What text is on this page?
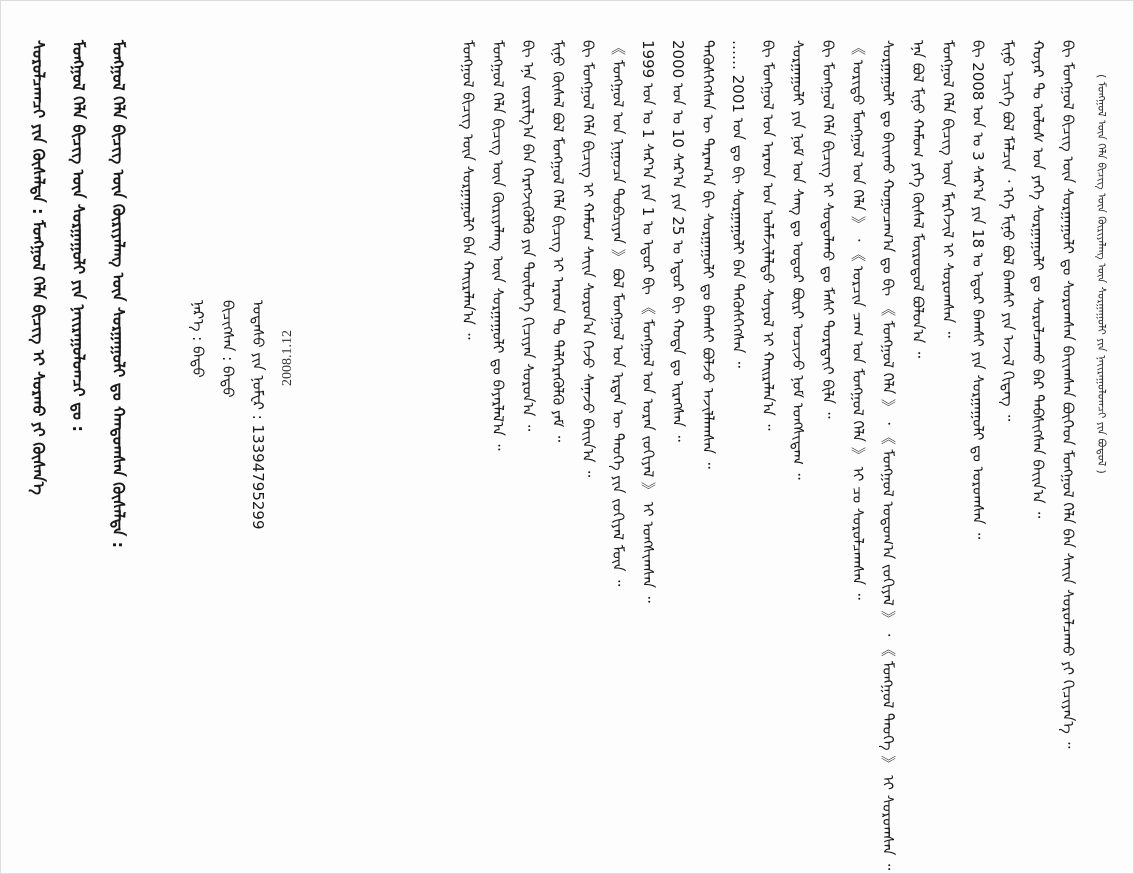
( ᠮᠣᠩᠭᠣᠯ ᠦᠨ ᠬᠡᠯᠡ ᠪᠢᠴᠢᠭ ᠦᠨ ᠬᠦᠷᠢᠶᠡᠯᠡᠩ ᠦᠨ ᠰᠤᠷᠭᠠᠭᠤᠯᠢ ᠶᠢᠨ ᠨᠠᠶ᠋ᠢᠷᠠᠭᠤᠯᠤᠭᠴᠢ ᠶᠢᠨ ᠪᠣᠳᠤᠯ )
ᠪᠢ ᠮᠣᠩᠭᠣᠯ ᠪᠢᠴᠢᠭ ᠦᠨ ᠰᠤᠷᠭᠠᠭᠤᠯᠢ ᠳᠤ ᠰᠤᠷᠤᠭᠰᠠᠨ ᠪᠠᠶ᠋ᠢᠭᠰᠠᠨ ᠪᠦᠭᠡᠳ ᠮᠣᠩᠭᠣᠯ ᠬᠡᠯᠡ ᠪᠡᠨ ᠰᠠᠶ᠋ᠢᠨ ᠰᠤᠷᠤᠯᠴᠠᠬᠤ ᠶᠢ ᠬᠢᠴᠢᠶᠡᠨ᠎ᠡ ᠃
ᠬᠣᠶᠠᠷ ᠲᠤ ᠤᠯᠤᠰ ᠤᠨ ᠶᠡᠬᠡ ᠰᠤᠷᠭᠠᠭᠤᠯᠢ ᠳᠤ ᠰᠤᠷᠤᠯᠴᠠᠬᠤ ᠪᠠᠷ ᠳᠡᠪᠰᠢᠭᠰᠡᠨ ᠪᠠᠶ᠋ᠢᠨ᠎ᠠ ᠃
ᠮᠢᠨᠤ ᠡᠴᠢᠭᠡ ᠪᠣᠯ ᠮᠠᠯᠴᠢᠨ ᠂ ᠡᠬᠡ ᠮᠢᠨᠤ ᠪᠣᠯ ᠪᠠᠭᠰᠢ ᠶᠢᠨ ᠠᠵᠢᠯ ᠬᠢᠳᠡᠭ ᠃
ᠪᠢ 2008 ᠣᠨ ᠤ 3 ᠰᠠᠷ᠎ᠠ ᠶᠢᠨ 18 ᠤ ᠡᠳᠦᠷ ᠪᠠᠭᠰᠢ ᠶᠢᠨ ᠰᠤᠷᠭᠠᠭᠤᠯᠢ ᠳᠤ ᠣᠷᠣᠭᠰᠠᠨ ᠃
ᠮᠣᠩᠭᠣᠯ ᠬᠡᠯᠡ ᠪᠢᠴᠢᠭ ᠦᠨ ᠮᠡᠷᠭᠡᠵᠢᠯ ᠢ ᠰᠤᠷᠤᠭᠰᠠᠨ ᠃
ᠡᠨᠡ ᠪᠣᠯ ᠮᠢᠨᠤ ᠬᠠᠮᠤᠭ ᠶᠡᠬᠡ ᠬᠦᠰᠡᠯ ᠮᠥᠷᠥᠳᠦᠯ ᠪᠣᠯᠤᠨ᠎ᠠ ᠃
ᠰᠤᠷᠭᠠᠭᠤᠯᠢ ᠳᠤ ᠪᠠᠶ᠋ᠢᠬᠤ ᠬᠤᠭᠤᠴᠠᠭ᠎ᠠ ᠳᠤ ᠪᠢ 《 ᠮᠣᠩᠭᠣᠯ ᠬᠡᠯᠡ 》 ᠂ 《 ᠮᠣᠩᠭᠣᠯ ᠤᠲᠤᠭ᠎ᠠ ᠵᠣᠬᠢᠶᠠᠯ 》 ᠂ 《 ᠮᠣᠩᠭᠣᠯ ᠲᠡᠦᠬᠡ 》 ᠢ ᠰᠤᠷᠤᠭᠰᠠᠨ ᠃
《 ᠤᠷᠢᠳᠤ ᠮᠣᠩᠭᠣᠯ ᠤᠨ ᠬᠡᠯᠡ 》 ᠂ 《 ᠣᠷᠴᠢᠨ ᠴᠠᠭ ᠤᠨ ᠮᠣᠩᠭᠣᠯ ᠬᠡᠯᠡ 》 ᠢ ᠴᠤ ᠰᠤᠷᠤᠯᠴᠠᠭᠰᠠᠨ ᠃
ᠪᠢ ᠮᠣᠩᠭᠣᠯ ᠬᠡᠯᠡ ᠪᠢᠴᠢᠭ ᠢ ᠰᠤᠳᠤᠯᠬᠤ ᠳᠤ ᠮᠠᠰᠢ ᠳᠤᠷᠠᠲᠠᠶ᠋ᠢ ᠪᠢᠯᠡ ᠃
ᠰᠤᠷᠭᠠᠭᠤᠯᠢ ᠶᠢᠨ ᠨᠣᠮ ᠤᠨ ᠰᠠᠩ ᠳᠤ ᠣᠳᠣᠷ ᠪᠦᠷᠢ ᠣᠴᠢᠵᠤ ᠨᠣᠮ ᠤᠩᠰᠢᠳᠠᠭ ᠃
ᠪᠢ ᠮᠣᠩᠭᠣᠯ ᠤᠨ ᠠᠷᠠᠳ ᠤᠨ ᠤᠯᠠᠮᠵᠢᠯᠠᠯᠲᠤ ᠰᠣᠶᠣᠯ ᠢ ᠬᠠᠢᠷᠠᠯᠠᠨ᠎ᠠ ᠃
…… 2001 ᠣᠨ ᠳᠤ ᠪᠢ ᠰᠤᠷᠭᠠᠭᠤᠯᠢ ᠪᠠᠨ ᠲᠡᠭᠦᠰᠬᠡᠭᠰᠡᠨ ᠃
ᠲᠡᠭᠦᠰᠬᠡᠭᠰᠡᠨ ᠦ ᠳᠠᠷᠠᠭ᠎ᠠ ᠪᠢ ᠰᠤᠷᠭᠠᠭᠤᠯᠢ ᠳᠤ ᠪᠠᠭᠰᠢ ᠪᠣᠯᠵᠤ ᠠᠵᠢᠯᠯᠠᠭᠰᠠᠨ ᠃
2000 ᠣᠨ ᠤ 10 ᠰᠠᠷ᠎ᠠ ᠶᠢᠨ 25 ᠤ ᠡᠳᠦᠷ ᠪᠢ ᠬᠣᠲᠠ ᠳᠤ ᠢᠷᠡᠭᠰᠡᠨ ᠃
1999 ᠣᠨ ᠤ 1 ᠰᠠᠷ᠎ᠠ ᠶᠢᠨ 1 ᠤ ᠡᠳᠦᠷ ᠪᠢ 《 ᠮᠣᠩᠭᠣᠯ ᠤᠨ ᠤᠷᠠᠨ ᠵᠣᠬᠢᠶᠠᠯ 》 ᠢ ᠤᠩᠰᠢᠭᠰᠠᠨ ᠃
《 ᠮᠣᠩᠭᠣᠯ ᠤᠨ ᠨᠢᠭᠤᠴᠠ ᠲᠣᠪᠴᠢᠶᠠᠨ 》 ᠪᠣᠯ ᠮᠣᠩᠭᠣᠯ ᠤᠨ ᠡᠷᠲᠡᠨ ᠦ ᠲᠡᠦᠬᠡ ᠶᠢᠨ ᠵᠣᠬᠢᠶᠠᠯ ᠮᠥᠨ ᠃
ᠪᠢ ᠮᠣᠩᠭᠣᠯ ᠬᠡᠯᠡ ᠪᠢᠴᠢᠭ ᠢ ᠬᠠᠮᠤᠭ ᠰᠠᠶ᠋ᠢᠨ ᠰᠤᠷᠤᠨ᠎ᠠ ᠭᠡᠵᠦ ᠰᠠᠨᠠᠵᠤ ᠪᠠᠶ᠋ᠢᠨ᠎ᠠ ᠃
ᠮᠢᠨᠤ ᠬᠦᠰᠡᠯ ᠪᠣᠯ ᠮᠣᠩᠭᠣᠯ ᠬᠡᠯᠡ ᠪᠢᠴᠢᠭ ᠢ ᠠᠷᠠᠳ ᠲᠤ ᠳᠡᠯᠭᠡᠷᠡᠭᠦᠯᠬᠦ ᠶᠠᠮ ᠃
ᠪᠢ ᠡᠨᠡ ᠵᠣᠷᠢᠯᠭ᠎ᠠ ᠪᠠᠨ ᠬᠡᠷᠡᠭᠵᠢᠭᠦᠯᠬᠦ ᠶᠢᠨ ᠲᠥᠯᠦᠭᠡ ᠬᠢᠴᠢᠶᠡᠨ ᠰᠤᠷᠤᠨ᠎ᠠ ᠃
ᠮᠣᠩᠭᠣᠯ ᠬᠡᠯᠡ ᠪᠢᠴᠢᠭ ᠦᠨ ᠬᠦᠷᠢᠶᠡᠯᠡᠩ ᠦᠨ ᠰᠤᠷᠭᠠᠭᠤᠯᠢ ᠳᠤ ᠪᠠᠶᠠᠷᠯᠠᠯ᠎ᠠ ᠃
ᠮᠣᠩᠭᠣᠯ ᠪᠢᠴᠢᠭ ᠦᠨ ᠰᠤᠷᠭᠠᠭᠤᠯᠢ ᠪᠠᠨ ᠬᠠᠢᠷᠠᠯᠠᠨ᠎ᠠ ᠃
2008.1.12
ᠤᠲᠠᠰᠤ ᠶᠢᠨ ᠨᠣᠮᠧᠷ : 13394795299
ᠪᠢᠴᠢᠭᠰᠡᠨ : ᠪᠠᠲᠤ
ᠨᠡᠷ᠎ᠡ : ᠪᠠᠲᠤ
ᠮᠣᠩᠭᠣᠯ ᠬᠡᠯᠡ ᠪᠢᠴᠢᠭ ᠦᠨ ᠬᠦᠷᠢᠶᠡᠯᠡᠩ ᠦᠨ ᠰᠤᠷᠭᠠᠭᠤᠯᠢ ᠳᠤ ᠬᠠᠨᠳᠤᠭᠰᠠᠨ ᠬᠦᠰᠡᠯᠲᠡ :
ᠮᠣᠩᠭᠣᠯ ᠬᠡᠯᠡ ᠪᠢᠴᠢᠭ ᠦᠨ ᠰᠤᠷᠭᠠᠭᠤᠯᠢ ᠶᠢᠨ ᠨᠠᠶ᠋ᠢᠷᠠᠭᠤᠯᠤᠭᠴᠢ ᠳᠤ :
ᠰᠤᠷᠤᠯᠴᠠᠭᠴᠢ ᠶᠢᠨ ᠬᠦᠰᠡᠯᠲᠡ : ᠮᠣᠩᠭᠣᠯ ᠬᠡᠯᠡ ᠪᠢᠴᠢᠭ ᠢ ᠰᠤᠷᠬᠤ ᠶᠢ ᠬᠦᠰᠡᠨ᠎ᠡ
